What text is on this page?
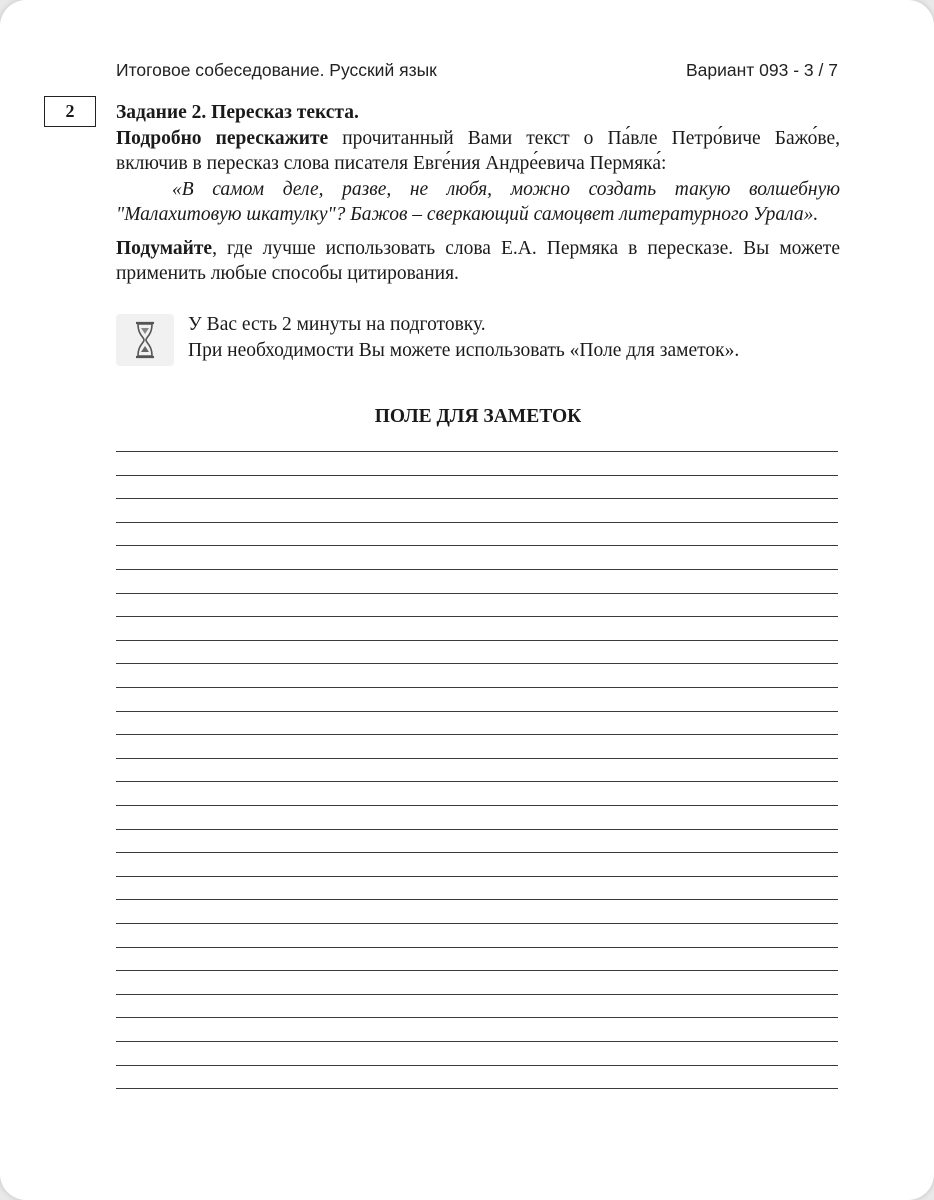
Итоговое собеседование. Русский язык	Вариант 093 - 3 / 7
2 Задание 2. Пересказ текста.

Подробно перескажите прочитанный Вами текст о Па́вле Петро́виче Бажо́ве, включив в пересказ слова писателя Евге́ния Андре́евича Пермяка́:

«В самом деле, разве, не любя, можно создать такую волшебную "Малахитовую шкатулку"? Бажов – сверкающий самоцвет литературного Урала».

Подумайте, где лучше использовать слова Е.А. Пермяка в пересказе. Вы можете применить любые способы цитирования.

У Вас есть 2 минуты на подготовку.
При необходимости Вы можете использовать «Поле для заметок».
ПОЛЕ ДЛЯ ЗАМЕТОК
